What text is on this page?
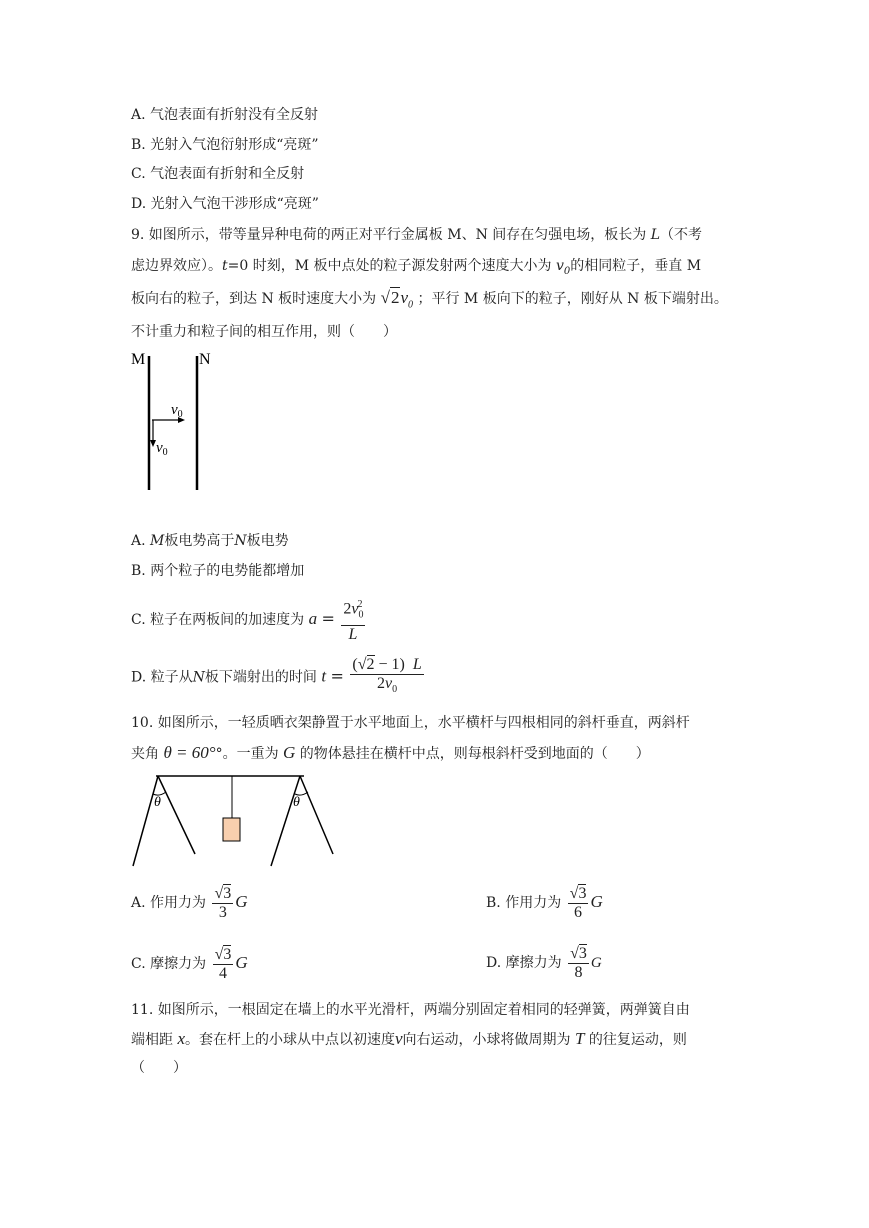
A. 气泡表面有折射没有全反射
B. 光射入气泡衍射形成“亮斑”
C. 气泡表面有折射和全反射
D. 光射入气泡干涉形成“亮斑”
9. 如图所示，带等量异种电荷的两正对平行金属板 M、N 间存在匀强电场，板长为 L（不考
虑边界效应）。t=0 时刻，M 板中点处的粒子源发射两个速度大小为 $v_0$的相同粒子，垂直 M
板向右的粒子，到达 N 板时速度大小为 $√2v_0$ ；平行 M 板向下的粒子，刚好从 N 板下端射出。
不计重力和粒子间的相互作用，则（　　）
M	N
$v_0$
$v_0$
A. M板电势高于N板电势
B. 两个粒子的电势能都增加
C. 粒子在两板间的加速度为 $a = \frac{2v_0^2}{L}$
D. 粒子从N板下端射出的时间 $t = \frac{(√2 - 1) L}{2v_0}$
10. 如图所示，一轻质晒衣架静置于水平地面上，水平横杆与四根相同的斜杆垂直，两斜杆
夹角 θ = 60°°。一重为 G 的物体悬挂在横杆中点，则每根斜杆受到地面的（　　）
θ	θ
A. 作用力为 $\frac{√3}{3}$ G	B. 作用力为 $\frac{√3}{6}$ G
C. 摩擦力为 $\frac{√3}{4}$ G	D. 摩擦力为 $\frac{√3}{8}$ G
11. 如图所示，一根固定在墙上的水平光滑杆，两端分别固定着相同的轻弹簧，两弹簧自由
端相距 x。套在杆上的小球从中点以初速度v向右运动，小球将做周期为 T 的往复运动，则
（　　）
